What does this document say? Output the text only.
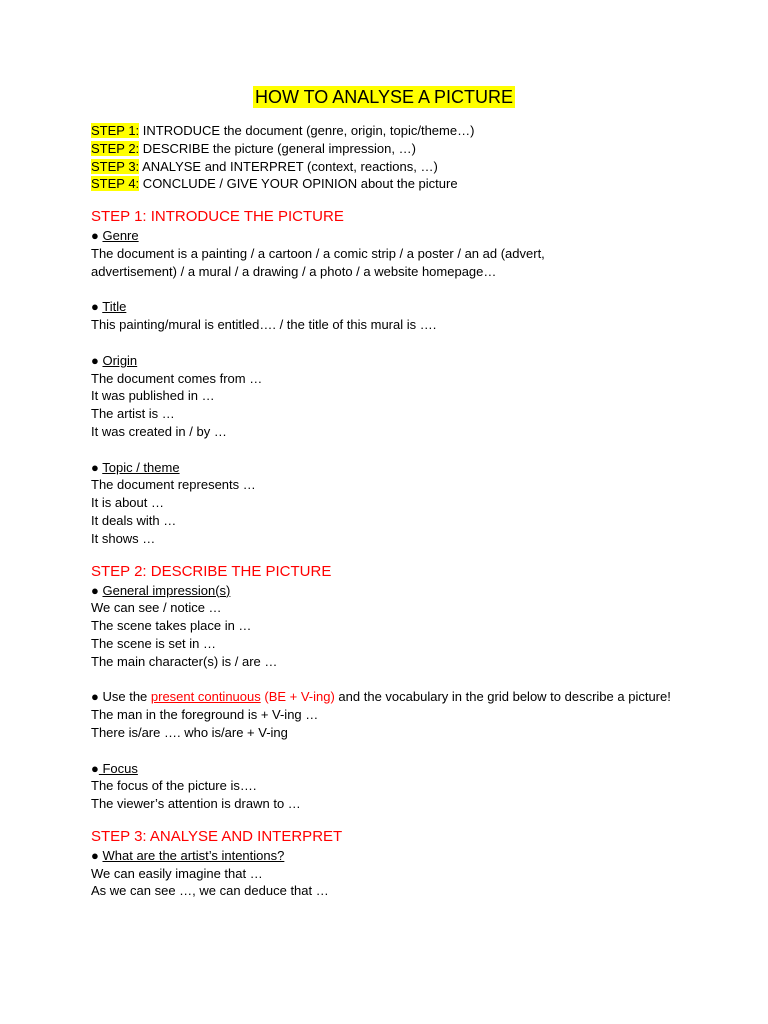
HOW TO ANALYSE A PICTURE
STEP 1: INTRODUCE the document (genre, origin, topic/theme…)
STEP 2: DESCRIBE the picture (general impression, …)
STEP 3: ANALYSE and INTERPRET (context, reactions, …)
STEP 4: CONCLUDE / GIVE YOUR OPINION about the picture
STEP 1: INTRODUCE THE PICTURE
● Genre
The document is a painting / a cartoon / a comic strip / a poster / an ad (advert,
advertisement) / a mural / a drawing / a photo / a website homepage…
● Title
This painting/mural is entitled…. / the title of this mural is ….
● Origin
The document comes from …
It was published in …
The artist is …
It was created in / by …
● Topic / theme
The document represents …
It is about …
It deals with …
It shows …
STEP 2: DESCRIBE THE PICTURE
● General impression(s)
We can see / notice …
The scene takes place in …
The scene is set in …
The main character(s) is / are …
● Use the present continuous (BE + V-ing) and the vocabulary in the grid below to describe a picture!
The man in the foreground is + V-ing …
There is/are …. who is/are + V-ing
● Focus
The focus of the picture is….
The viewer’s attention is drawn to …
STEP 3: ANALYSE AND INTERPRET
● What are the artist’s intentions?
We can easily imagine that …
As we can see …, we can deduce that …
